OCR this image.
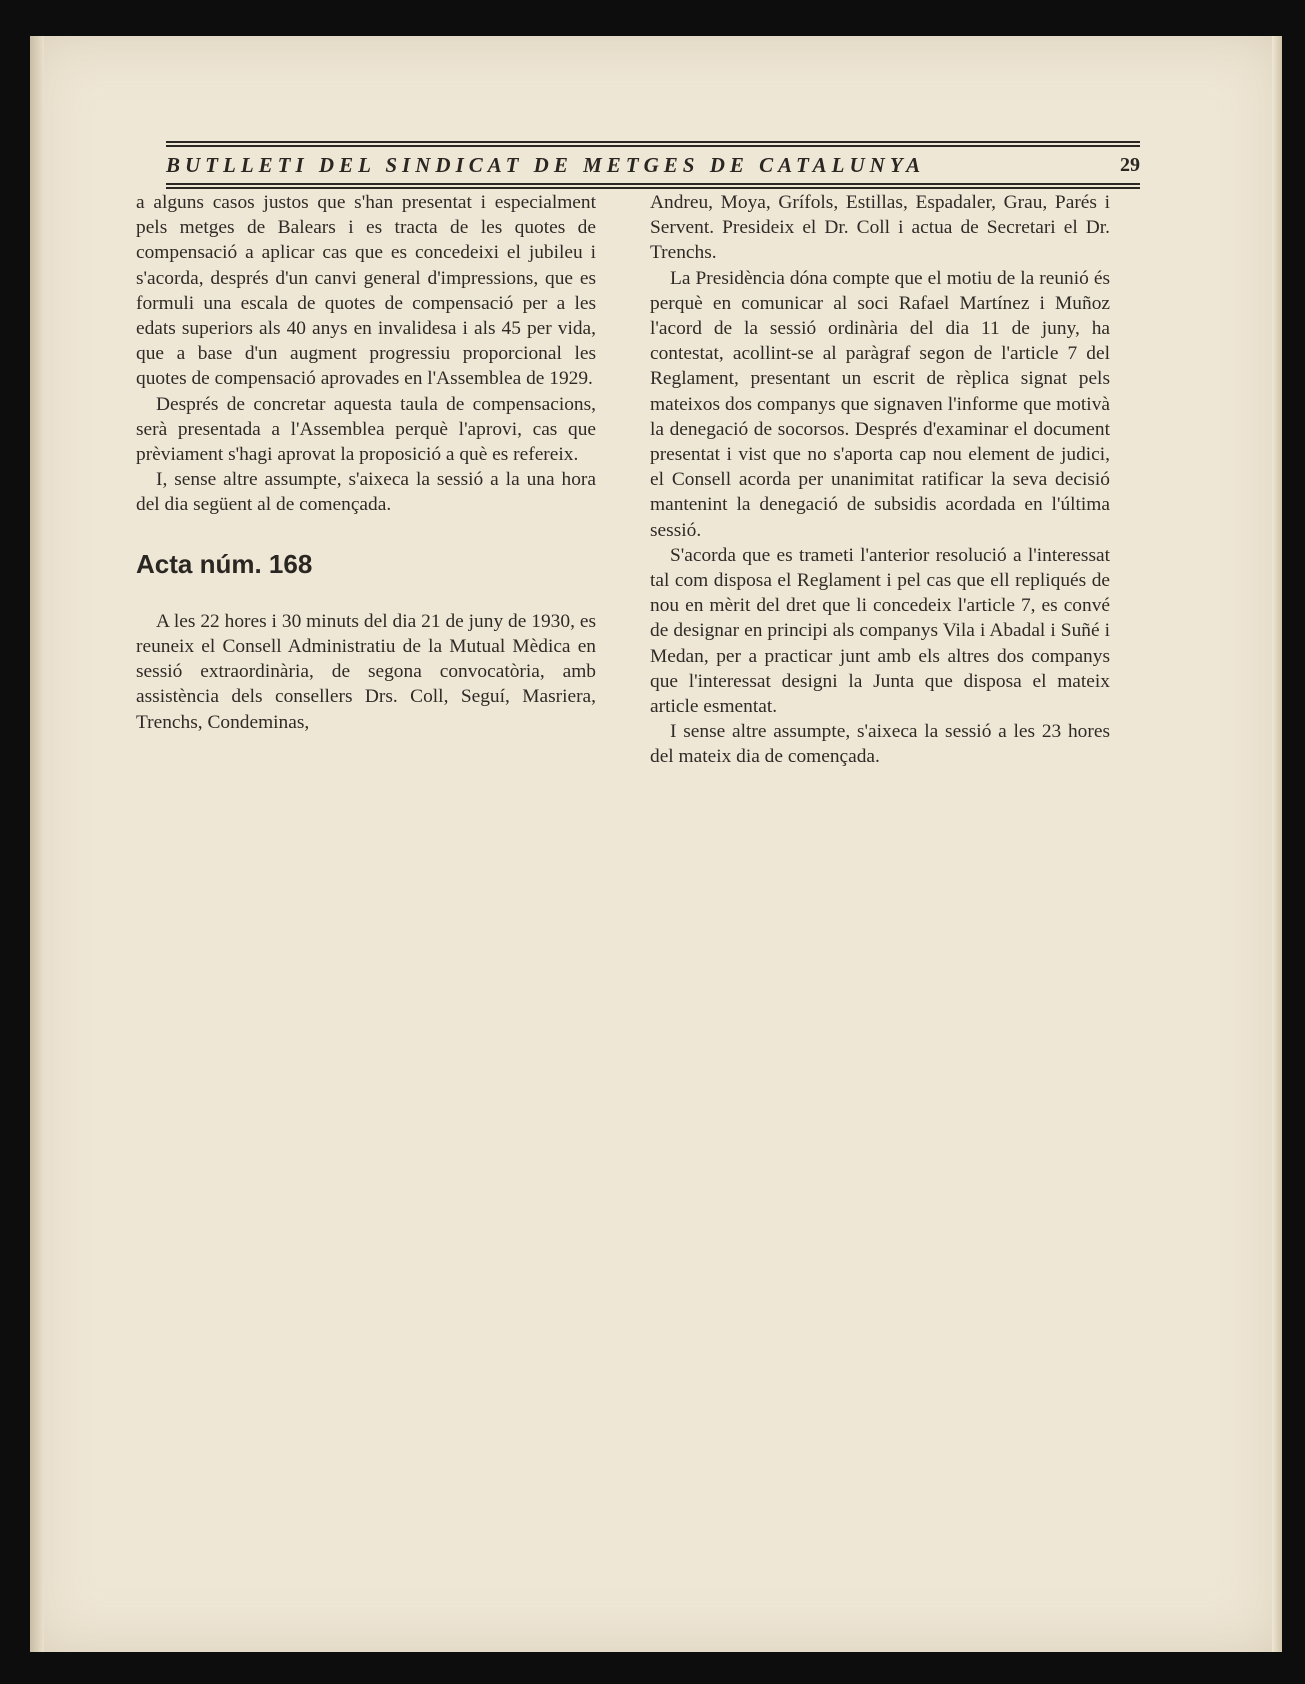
BUTLLETI DEL SINDICAT DE METGES DE CATALUNYA	29

a alguns casos justos que s'han presentat i especialment pels metges de Balears i es tracta de les quotes de compensació a aplicar cas que es concedeixi el jubileu i s'acorda, després d'un canvi general d'impressions, que es formuli una escala de quotes de compensació per a les edats superiors als 40 anys en invalidesa i als 45 per vida, que a base d'un augment progressiu proporcional les quotes de compensació aprovades en l'Assemblea de 1929.

Després de concretar aquesta taula de compensacions, serà presentada a l'Assemblea perquè l'aprovi, cas que prèviament s'hagi aprovat la proposició a què es refereix.

I, sense altre assumpte, s'aixeca la sessió a la una hora del dia següent al de començada.

Acta núm. 168

A les 22 hores i 30 minuts del dia 21 de juny de 1930, es reuneix el Consell Administratiu de la Mutual Mèdica en sessió extraordinària, de segona convocatòria, amb assistència dels consellers Drs. Coll, Seguí, Masriera, Trenchs, Condeminas,

Andreu, Moya, Grífols, Estillas, Espadaler, Grau, Parés i Servent. Presideix el Dr. Coll i actua de Secretari el Dr. Trenchs.

La Presidència dóna compte que el motiu de la reunió és perquè en comunicar al soci Rafael Martínez i Muñoz l'acord de la sessió ordinària del dia 11 de juny, ha contestat, acollint-se al paràgraf segon de l'article 7 del Reglament, presentant un escrit de rèplica signat pels mateixos dos companys que signaven l'informe que motivà la denegació de socorsos. Després d'examinar el document presentat i vist que no s'aporta cap nou element de judici, el Consell acorda per unanimitat ratificar la seva decisió mantenint la denegació de subsidis acordada en l'última sessió.

S'acorda que es trameti l'anterior resolució a l'interessat tal com disposa el Reglament i pel cas que ell repliqués de nou en mèrit del dret que li concedeix l'article 7, es convé de designar en principi als companys Vila i Abadal i Suñé i Medan, per a practicar junt amb els altres dos companys que l'interessat designi la Junta que disposa el mateix article esmentat.

I sense altre assumpte, s'aixeca la sessió a les 23 hores del mateix dia de començada.
